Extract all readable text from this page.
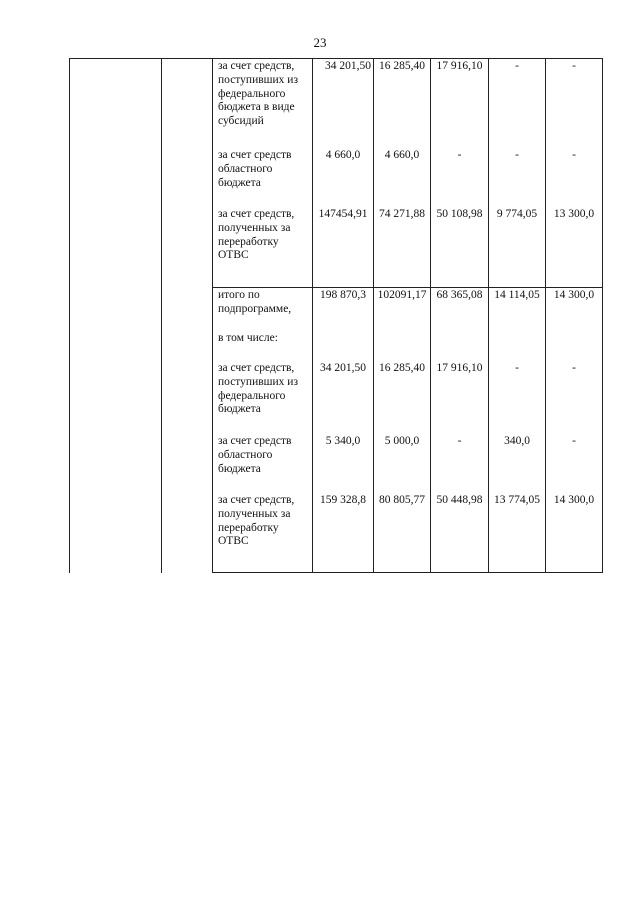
23
		за счет средств, поступивших из федерального бюджета в виде субсидий	34 201,50	16 285,40	17 916,10	-	-
		за счет средств областного бюджета	4 660,0	4 660,0	-	-	-
		за счет средств, полученных за переработку ОТВС	147454,91	74 271,88	50 108,98	9 774,05	13 300,0
		итого по подпрограмме,	198 870,3	102091,17	68 365,08	14 114,05	14 300,0
		в том числе:					
		за счет средств, поступивших из федерального бюджета	34 201,50	16 285,40	17 916,10	-	-
		за счет средств областного бюджета	5 340,0	5 000,0	-	340,0	-
		за счет средств, полученных за переработку ОТВС	159 328,8	80 805,77	50 448,98	13 774,05	14 300,0
